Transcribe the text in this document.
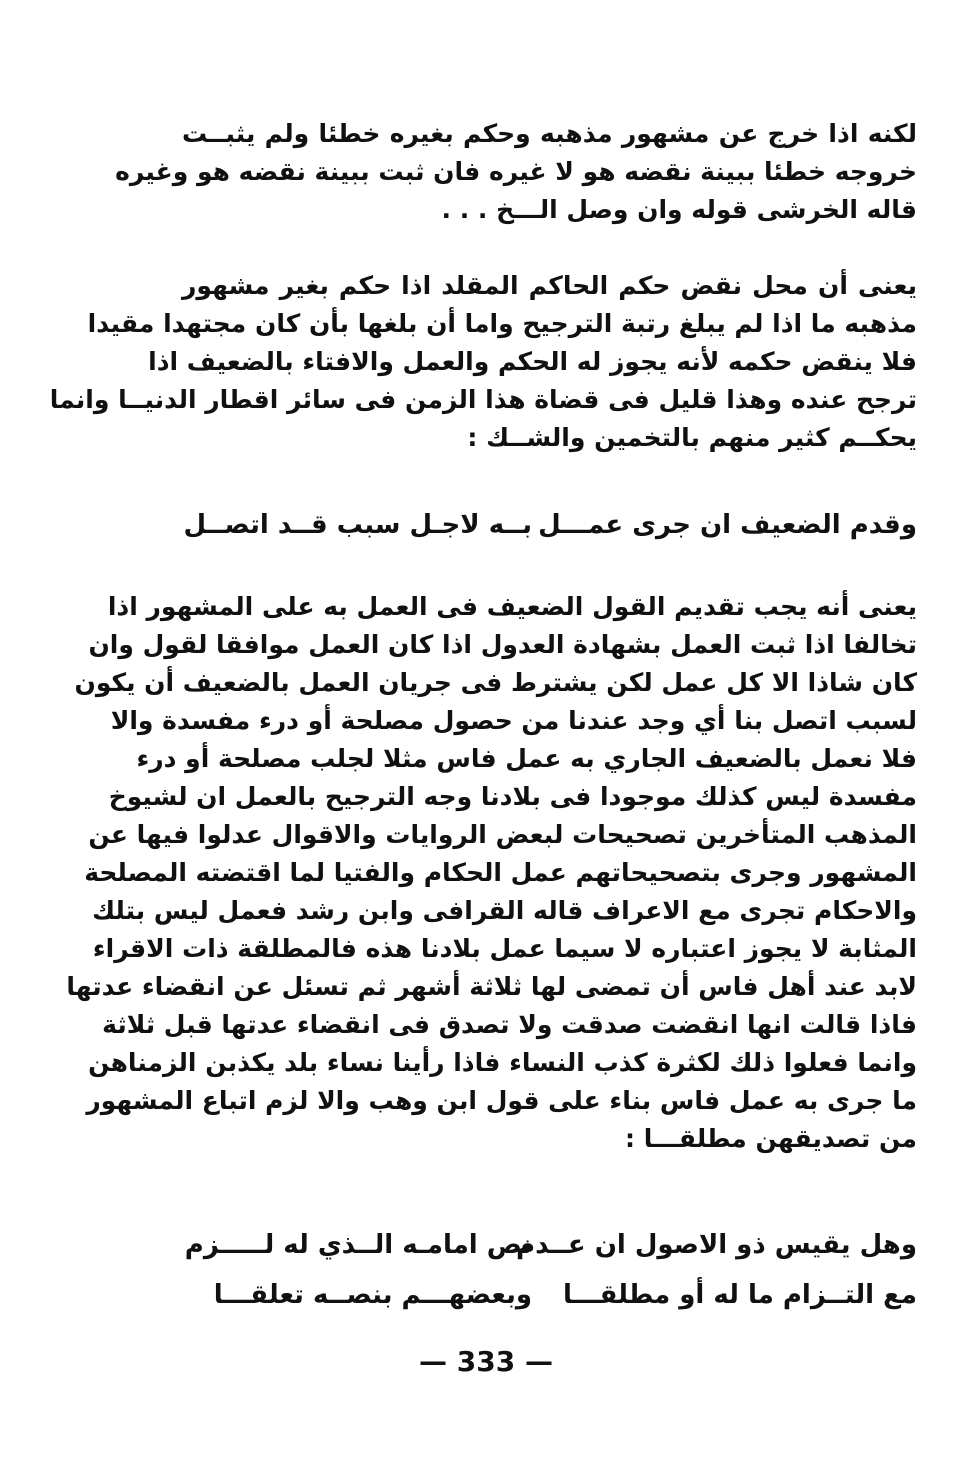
لكنه اذا خرج عن مشهور مذهبه وحكم بغيره خطئا ولم يثبــت
خروجه خطئا ببينة نقضه هو لا غيره فان ثبت ببينة نقضه هو وغيره
قاله الخرشى قوله وان وصل الـــخ . . .
يعنى أن محل نقض حكم الحاكم المقلد اذا حكم بغير مشهور
مذهبه ما اذا لم يبلغ رتبة الترجيح واما أن بلغها بأن كان مجتهدا مقيدا
فلا ينقض حكمه لأنه يجوز له الحكم والعمل والافتاء بالضعيف اذا
ترجح عنده وهذا قليل فى قضاة هذا الزمن فى سائر اقطار الدنيــا وانما
يحكــم كثير منهم بالتخمين والشــك :
وقدم الضعيف ان جرى عمـــل
بــه لاجـل سبب قــد اتصــل
يعنى أنه يجب تقديم القول الضعيف فى العمل به على المشهور اذا
تخالفا اذا ثبت العمل بشهادة العدول اذا كان العمل موافقا لقول وان
كان شاذا الا كل عمل لكن يشترط فى جريان العمل بالضعيف أن يكون
لسبب اتصل بنا أي وجد عندنا من حصول مصلحة أو درء مفسدة والا
فلا نعمل بالضعيف الجاري به عمل فاس مثلا لجلب مصلحة أو درء
مفسدة ليس كذلك موجودا فى بلادنا وجه الترجيح بالعمل ان لشيوخ
المذهب المتأخرين تصحيحات لبعض الروايات والاقوال عدلوا فيها عن
المشهور وجرى بتصحيحاتهم عمل الحكام والفتيا لما اقتضته المصلحة
والاحكام تجرى مع الاعراف قاله القرافى وابن رشد فعمل ليس بتلك
المثابة لا يجوز اعتباره لا سيما عمل بلادنا هذه فالمطلقة ذات الاقراء
لابد عند أهل فاس أن تمضى لها ثلاثة أشهر ثم تسئل عن انقضاء عدتها
فاذا قالت انها انقضت صدقت ولا تصدق فى انقضاء عدتها قبل ثلاثة
وانما فعلوا ذلك لكثرة كذب النساء فاذا رأينا نساء بلد يكذبن الزمناهن
ما جرى به عمل فاس بناء على قول ابن وهب والا لزم اتباع المشهور
من تصديقهن مطلقـــا :
وهل يقيس ذو الاصول ان عــدم
نص امامـه الــذي له لـــــزم
مع التــزام ما له أو مطلقـــا
وبعضهـــم بنصــه تعلقـــا
— 333 —
